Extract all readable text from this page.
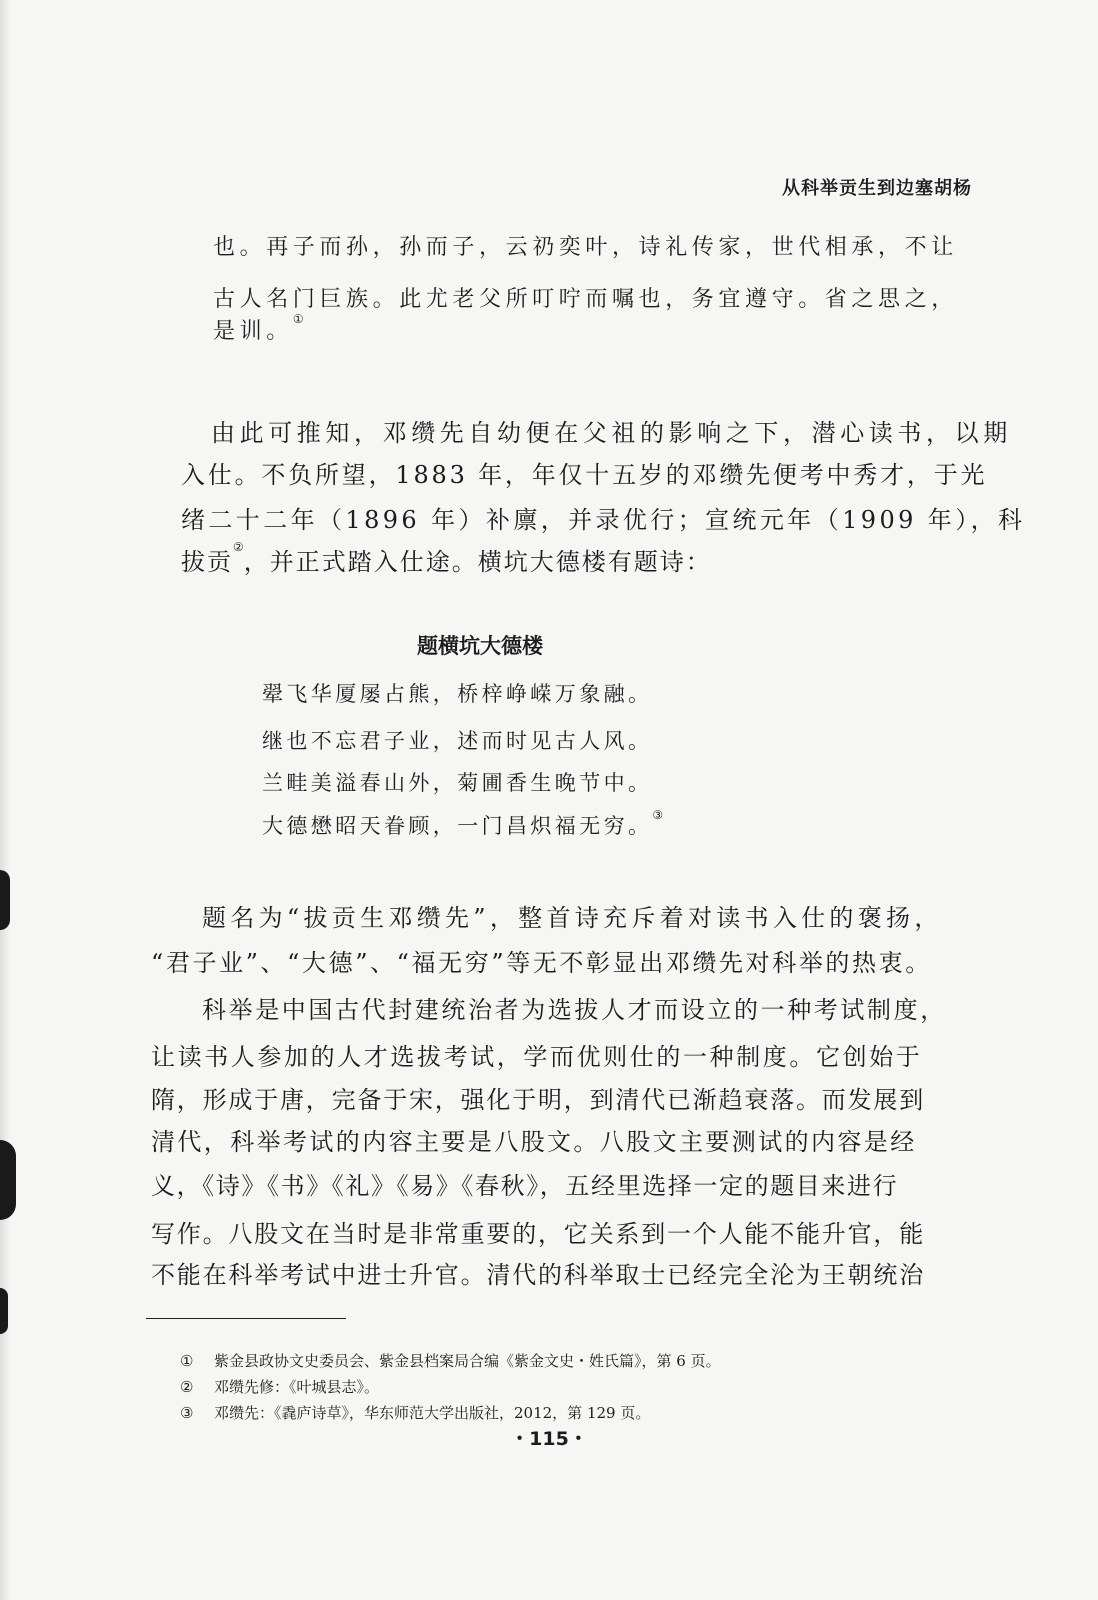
从科举贡生到边塞胡杨
也。再子而孙，孙而子，云礽奕叶，诗礼传家，世代相承，不让
古人名门巨族。此尤老父所叮咛而嘱也，务宜遵守。省之思之，
是训。①
由此可推知，邓缵先自幼便在父祖的影响之下，潜心读书，以期
入仕。不负所望，1883 年，年仅十五岁的邓缵先便考中秀才，于光
绪二十二年（1896 年）补廪，并录优行；宣统元年（1909 年），科
拔贡②，并正式踏入仕途。横坑大德楼有题诗：
题横坑大德楼
翚飞华厦屡占熊，桥梓峥嵘万象融。
继也不忘君子业，述而时见古人风。
兰畦美溢春山外，菊圃香生晚节中。
大德懋昭天眷顾，一门昌炽福无穷。③
题名为“拔贡生邓缵先”，整首诗充斥着对读书入仕的褒扬，
“君子业”、“大德”、“福无穷”等无不彰显出邓缵先对科举的热衷。
科举是中国古代封建统治者为选拔人才而设立的一种考试制度，
让读书人参加的人才选拔考试，学而优则仕的一种制度。它创始于
隋，形成于唐，完备于宋，强化于明，到清代已渐趋衰落。而发展到
清代，科举考试的内容主要是八股文。八股文主要测试的内容是经
义，《诗》《书》《礼》《易》《春秋》，五经里选择一定的题目来进行
写作。八股文在当时是非常重要的，它关系到一个人能不能升官，能
不能在科举考试中进士升官。清代的科举取士已经完全沦为王朝统治
① 紫金县政协文史委员会、紫金县档案局合编《紫金文史・姓氏篇》，第 6 页。
② 邓缵先修：《叶城县志》。
③ 邓缵先：《毳庐诗草》，华东师范大学出版社，2012，第 129 页。
・115・
